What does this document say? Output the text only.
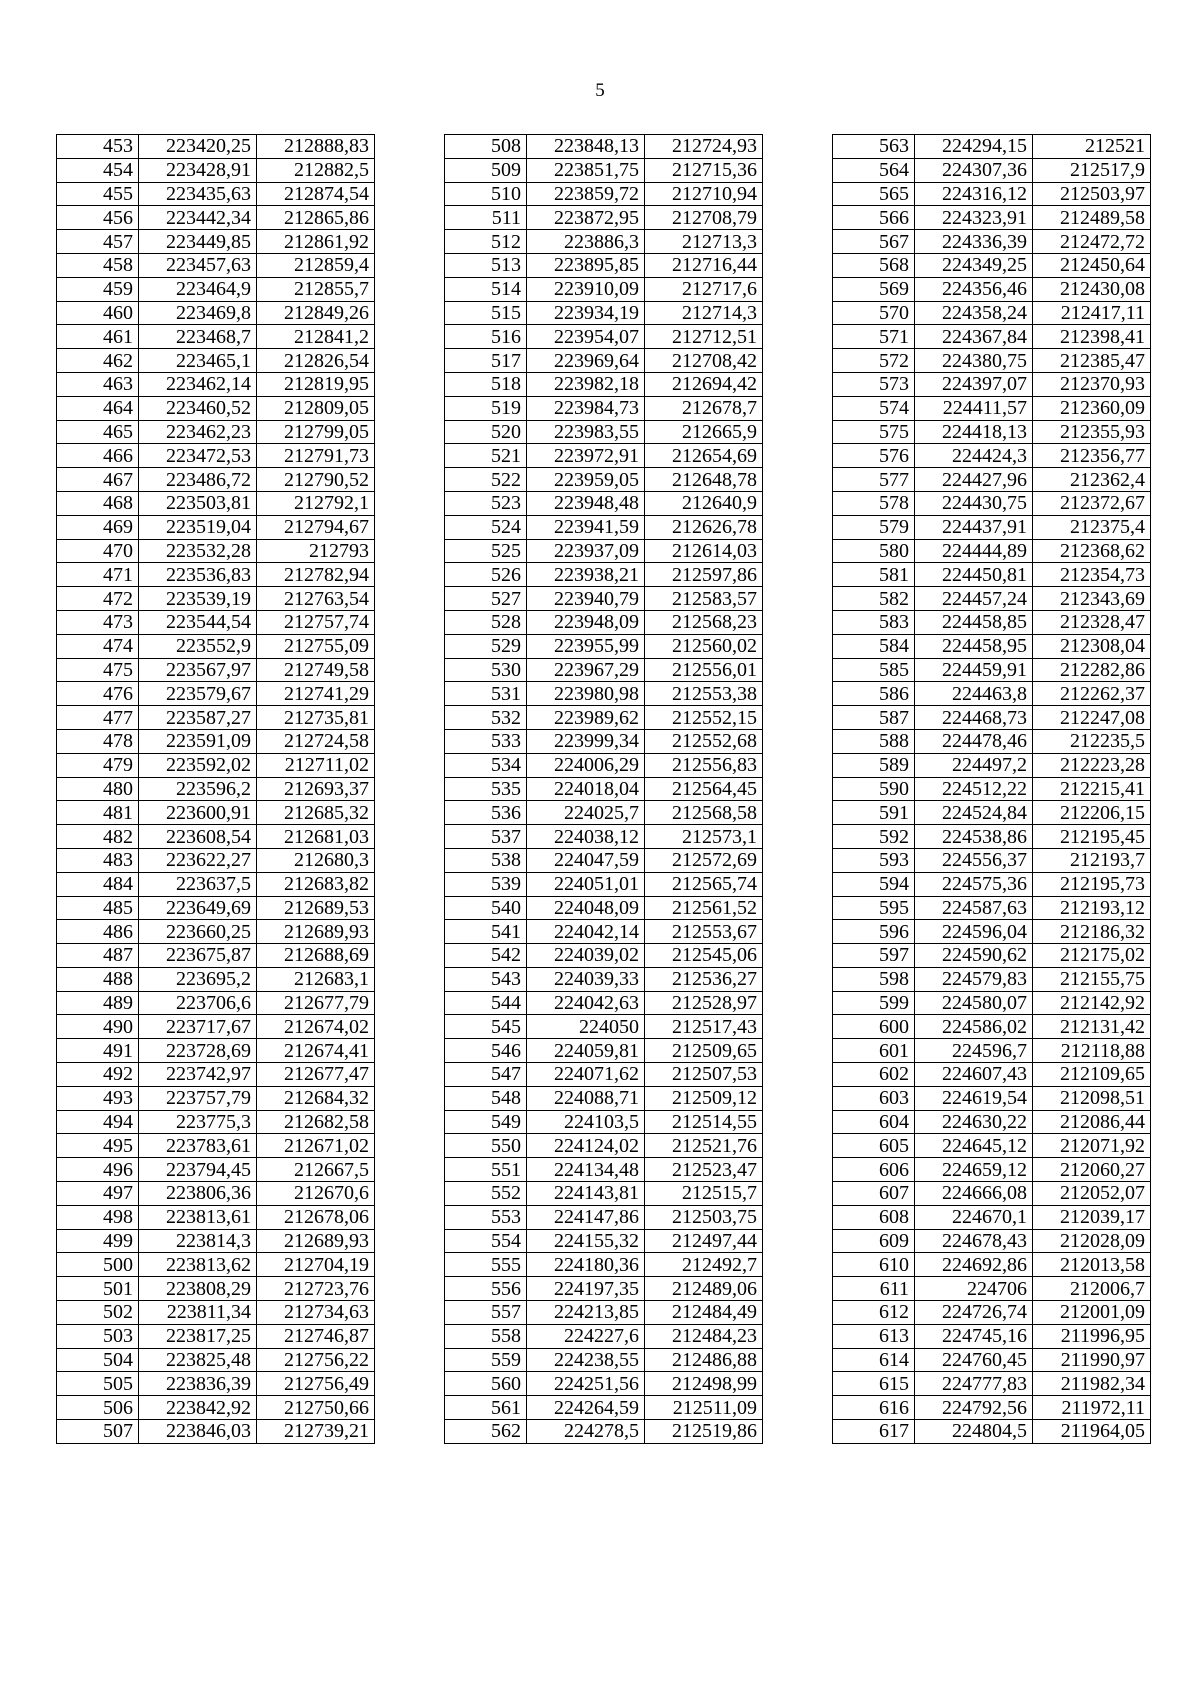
5
453	223420,25	212888,83
454	223428,91	212882,5
455	223435,63	212874,54
456	223442,34	212865,86
457	223449,85	212861,92
458	223457,63	212859,4
459	223464,9	212855,7
460	223469,8	212849,26
461	223468,7	212841,2
462	223465,1	212826,54
463	223462,14	212819,95
464	223460,52	212809,05
465	223462,23	212799,05
466	223472,53	212791,73
467	223486,72	212790,52
468	223503,81	212792,1
469	223519,04	212794,67
470	223532,28	212793
471	223536,83	212782,94
472	223539,19	212763,54
473	223544,54	212757,74
474	223552,9	212755,09
475	223567,97	212749,58
476	223579,67	212741,29
477	223587,27	212735,81
478	223591,09	212724,58
479	223592,02	212711,02
480	223596,2	212693,37
481	223600,91	212685,32
482	223608,54	212681,03
483	223622,27	212680,3
484	223637,5	212683,82
485	223649,69	212689,53
486	223660,25	212689,93
487	223675,87	212688,69
488	223695,2	212683,1
489	223706,6	212677,79
490	223717,67	212674,02
491	223728,69	212674,41
492	223742,97	212677,47
493	223757,79	212684,32
494	223775,3	212682,58
495	223783,61	212671,02
496	223794,45	212667,5
497	223806,36	212670,6
498	223813,61	212678,06
499	223814,3	212689,93
500	223813,62	212704,19
501	223808,29	212723,76
502	223811,34	212734,63
503	223817,25	212746,87
504	223825,48	212756,22
505	223836,39	212756,49
506	223842,92	212750,66
507	223846,03	212739,21
508	223848,13	212724,93
509	223851,75	212715,36
510	223859,72	212710,94
511	223872,95	212708,79
512	223886,3	212713,3
513	223895,85	212716,44
514	223910,09	212717,6
515	223934,19	212714,3
516	223954,07	212712,51
517	223969,64	212708,42
518	223982,18	212694,42
519	223984,73	212678,7
520	223983,55	212665,9
521	223972,91	212654,69
522	223959,05	212648,78
523	223948,48	212640,9
524	223941,59	212626,78
525	223937,09	212614,03
526	223938,21	212597,86
527	223940,79	212583,57
528	223948,09	212568,23
529	223955,99	212560,02
530	223967,29	212556,01
531	223980,98	212553,38
532	223989,62	212552,15
533	223999,34	212552,68
534	224006,29	212556,83
535	224018,04	212564,45
536	224025,7	212568,58
537	224038,12	212573,1
538	224047,59	212572,69
539	224051,01	212565,74
540	224048,09	212561,52
541	224042,14	212553,67
542	224039,02	212545,06
543	224039,33	212536,27
544	224042,63	212528,97
545	224050	212517,43
546	224059,81	212509,65
547	224071,62	212507,53
548	224088,71	212509,12
549	224103,5	212514,55
550	224124,02	212521,76
551	224134,48	212523,47
552	224143,81	212515,7
553	224147,86	212503,75
554	224155,32	212497,44
555	224180,36	212492,7
556	224197,35	212489,06
557	224213,85	212484,49
558	224227,6	212484,23
559	224238,55	212486,88
560	224251,56	212498,99
561	224264,59	212511,09
562	224278,5	212519,86
563	224294,15	212521
564	224307,36	212517,9
565	224316,12	212503,97
566	224323,91	212489,58
567	224336,39	212472,72
568	224349,25	212450,64
569	224356,46	212430,08
570	224358,24	212417,11
571	224367,84	212398,41
572	224380,75	212385,47
573	224397,07	212370,93
574	224411,57	212360,09
575	224418,13	212355,93
576	224424,3	212356,77
577	224427,96	212362,4
578	224430,75	212372,67
579	224437,91	212375,4
580	224444,89	212368,62
581	224450,81	212354,73
582	224457,24	212343,69
583	224458,85	212328,47
584	224458,95	212308,04
585	224459,91	212282,86
586	224463,8	212262,37
587	224468,73	212247,08
588	224478,46	212235,5
589	224497,2	212223,28
590	224512,22	212215,41
591	224524,84	212206,15
592	224538,86	212195,45
593	224556,37	212193,7
594	224575,36	212195,73
595	224587,63	212193,12
596	224596,04	212186,32
597	224590,62	212175,02
598	224579,83	212155,75
599	224580,07	212142,92
600	224586,02	212131,42
601	224596,7	212118,88
602	224607,43	212109,65
603	224619,54	212098,51
604	224630,22	212086,44
605	224645,12	212071,92
606	224659,12	212060,27
607	224666,08	212052,07
608	224670,1	212039,17
609	224678,43	212028,09
610	224692,86	212013,58
611	224706	212006,7
612	224726,74	212001,09
613	224745,16	211996,95
614	224760,45	211990,97
615	224777,83	211982,34
616	224792,56	211972,11
617	224804,5	211964,05
